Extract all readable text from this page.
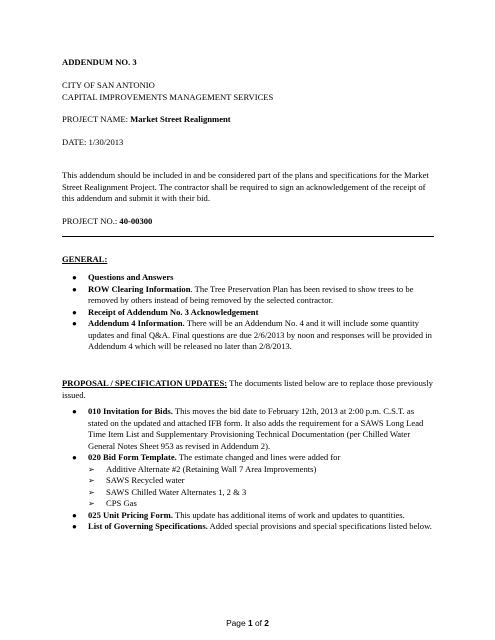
ADDENDUM NO. 3
CITY OF SAN ANTONIO
CAPITAL IMPROVEMENTS MANAGEMENT SERVICES
PROJECT NAME: Market Street Realignment
DATE: 1/30/2013
This addendum should be included in and be considered part of the plans and specifications for the Market Street Realignment Project. The contractor shall be required to sign an acknowledgement of the receipt of this addendum and submit it with their bid.
PROJECT NO.: 40-00300
GENERAL:
● Questions and Answers
● ROW Clearing Information. The Tree Preservation Plan has been revised to show trees to be removed by others instead of being removed by the selected contractor.
● Receipt of Addendum No. 3 Acknowledgement
● Addendum 4 Information. There will be an Addendum No. 4 and it will include some quantity updates and final Q&A. Final questions are due 2/6/2013 by noon and responses will be provided in Addendum 4 which will be released no later than 2/8/2013.
PROPOSAL / SPECIFICATION UPDATES: The documents listed below are to replace those previously issued.
● 010 Invitation for Bids. This moves the bid date to February 12th, 2013 at 2:00 p.m. C.S.T. as stated on the updated and attached IFB form. It also adds the requirement for a SAWS Long Lead Time Item List and Supplementary Provisioning Technical Documentation (per Chilled Water General Notes Sheet 953 as revised in Addendum 2).
● 020 Bid Form Template. The estimate changed and lines were added for
➢ Additive Alternate #2 (Retaining Wall 7 Area Improvements)
➢ SAWS Recycled water
➢ SAWS Chilled Water Alternates 1, 2 & 3
➢ CPS Gas
● 025 Unit Pricing Form. This update has additional items of work and updates to quantities.
● List of Governing Specifications. Added special provisions and special specifications listed below.
Page 1 of 2
